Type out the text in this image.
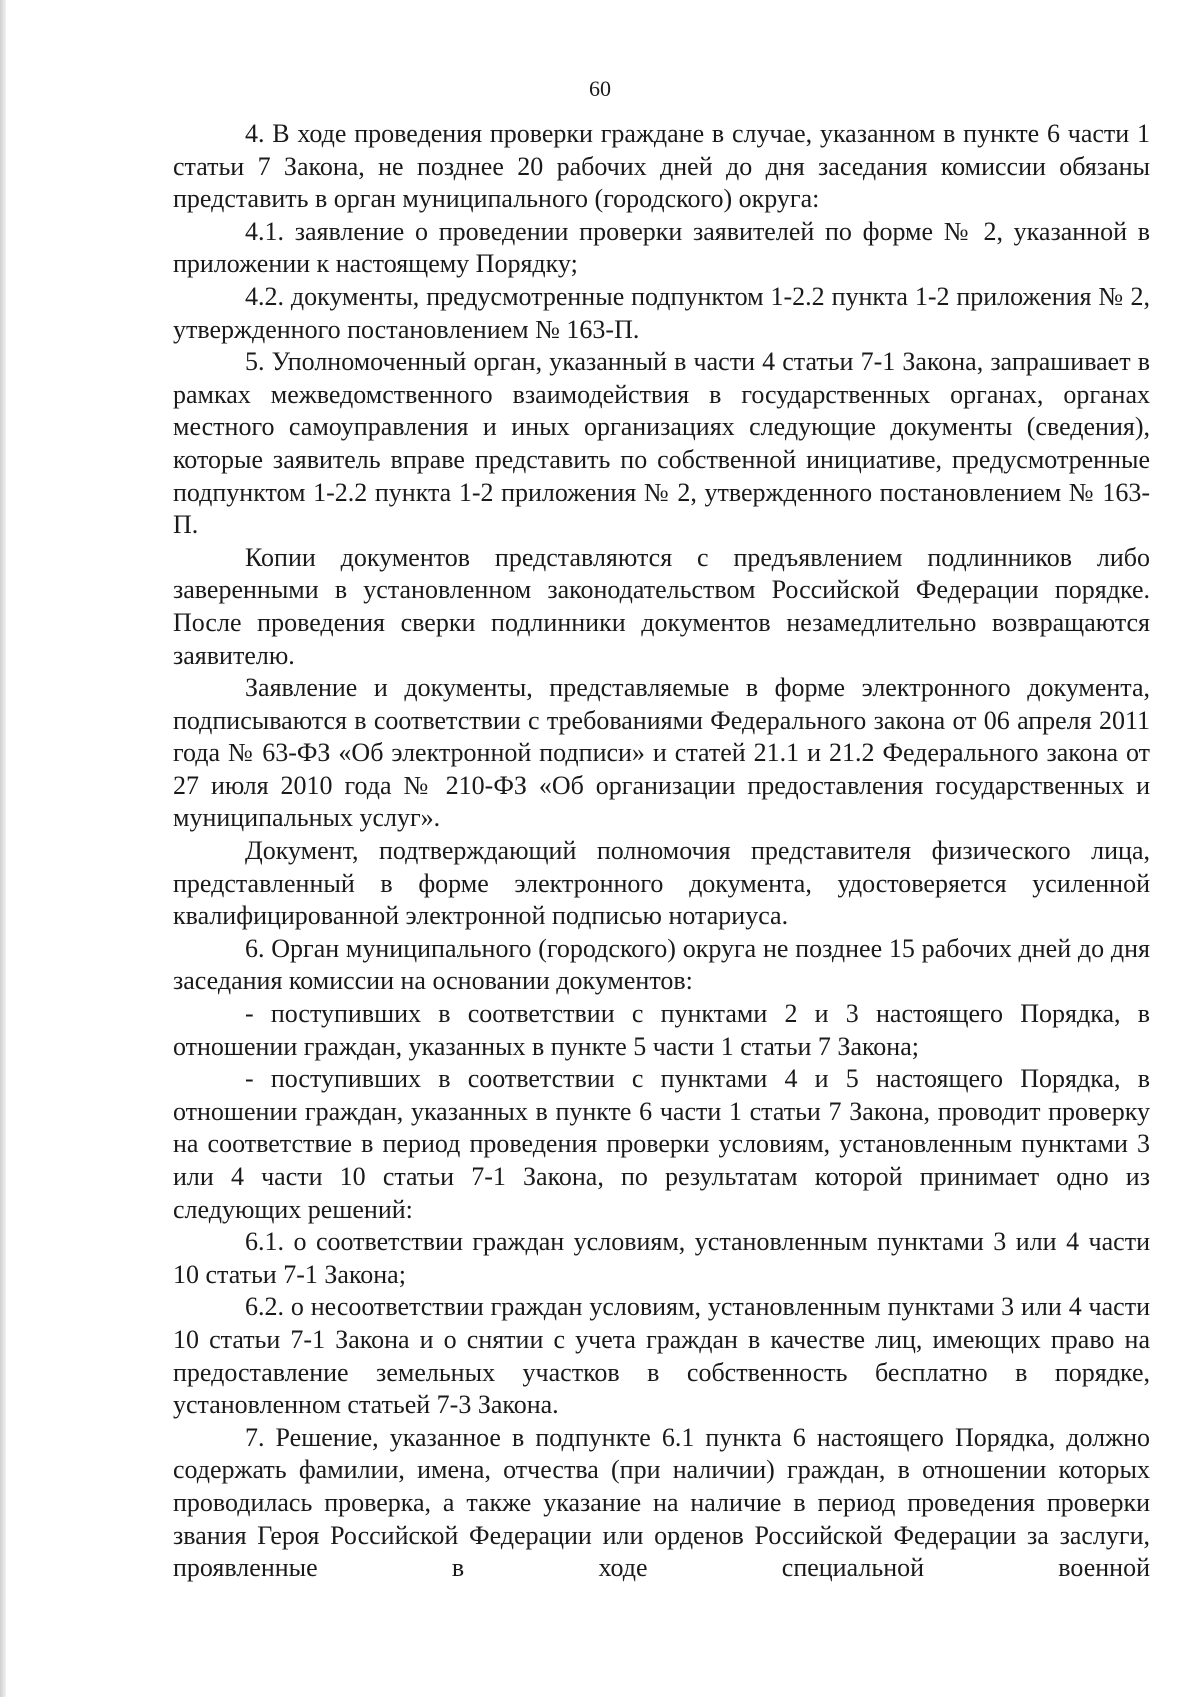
60

4. В ходе проведения проверки граждане в случае, указанном в пункте 6 части 1 статьи 7 Закона, не позднее 20 рабочих дней до дня заседания комиссии обязаны представить в орган муниципального (городского) округа:

4.1. заявление о проведении проверки заявителей по форме № 2, указанной в приложении к настоящему Порядку;

4.2. документы, предусмотренные подпунктом 1-2.2 пункта 1-2 приложения № 2, утвержденного постановлением № 163-П.

5. Уполномоченный орган, указанный в части 4 статьи 7-1 Закона, запрашивает в рамках межведомственного взаимодействия в государственных органах, органах местного самоуправления и иных организациях следующие документы (сведения), которые заявитель вправе представить по собственной инициативе, предусмотренные подпунктом 1-2.2 пункта 1-2 приложения № 2, утвержденного постановлением № 163-П.

Копии документов представляются с предъявлением подлинников либо заверенными в установленном законодательством Российской Федерации порядке. После проведения сверки подлинники документов незамедлительно возвращаются заявителю.

Заявление и документы, представляемые в форме электронного документа, подписываются в соответствии с требованиями Федерального закона от 06 апреля 2011 года № 63-ФЗ «Об электронной подписи» и статей 21.1 и 21.2 Федерального закона от 27 июля 2010 года № 210-ФЗ «Об организации предоставления государственных и муниципальных услуг».

Документ, подтверждающий полномочия представителя физического лица, представленный в форме электронного документа, удостоверяется усиленной квалифицированной электронной подписью нотариуса.

6. Орган муниципального (городского) округа не позднее 15 рабочих дней до дня заседания комиссии на основании документов:

- поступивших в соответствии с пунктами 2 и 3 настоящего Порядка, в отношении граждан, указанных в пункте 5 части 1 статьи 7 Закона;

- поступивших в соответствии с пунктами 4 и 5 настоящего Порядка, в отношении граждан, указанных в пункте 6 части 1 статьи 7 Закона, проводит проверку на соответствие в период проведения проверки условиям, установленным пунктами 3 или 4 части 10 статьи 7-1 Закона, по результатам которой принимает одно из следующих решений:

6.1. о соответствии граждан условиям, установленным пунктами 3 или 4 части 10 статьи 7-1 Закона;

6.2. о несоответствии граждан условиям, установленным пунктами 3 или 4 части 10 статьи 7-1 Закона и о снятии с учета граждан в качестве лиц, имеющих право на предоставление земельных участков в собственность бесплатно в порядке, установленном статьей 7-3 Закона.

7. Решение, указанное в подпункте 6.1 пункта 6 настоящего Порядка, должно содержать фамилии, имена, отчества (при наличии) граждан, в отношении которых проводилась проверка, а также указание на наличие в период проведения проверки звания Героя Российской Федерации или орденов Российской Федерации за заслуги, проявленные в ходе специальной военной
